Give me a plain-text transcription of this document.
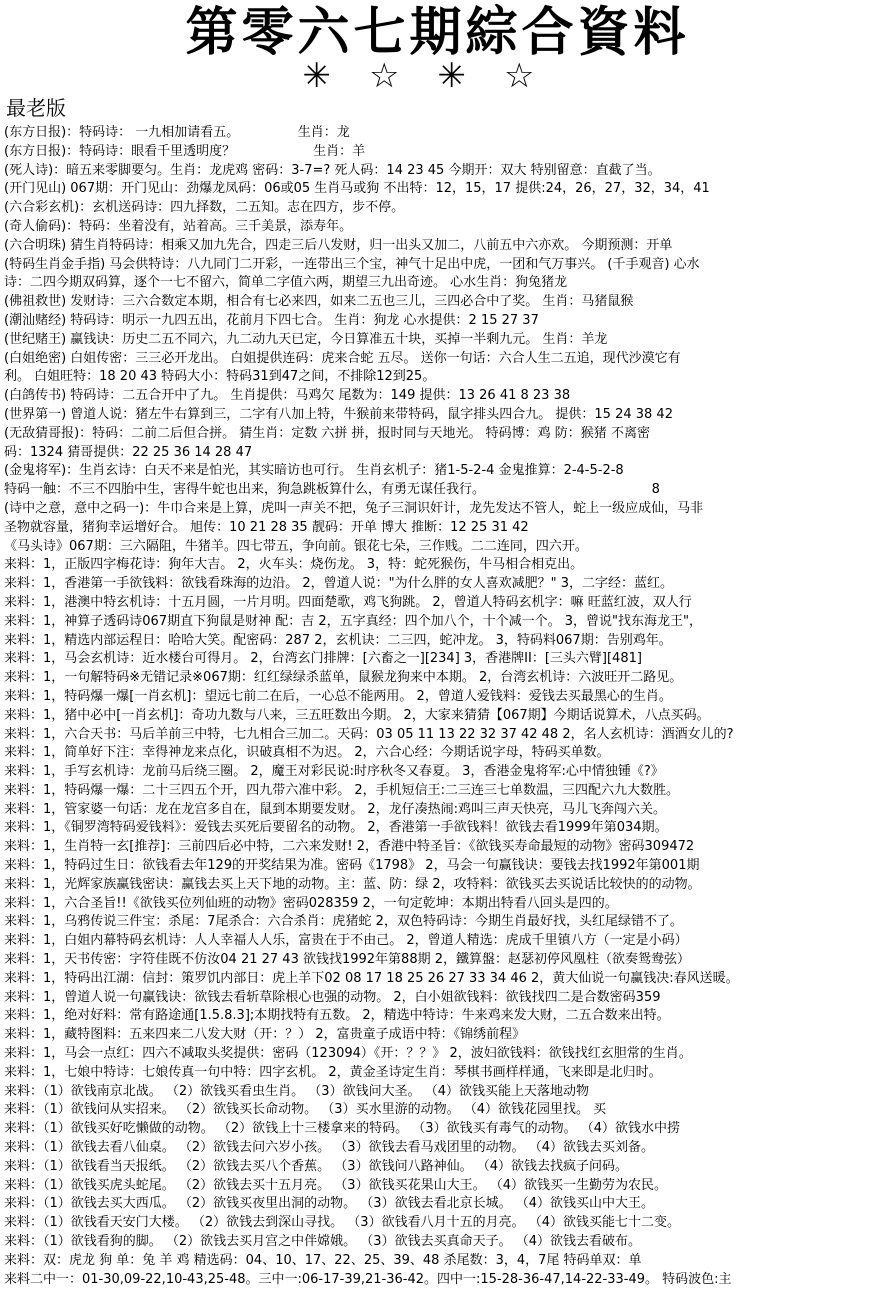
第零六七期綜合資料
✳☆✳☆
最老版
(东方日报)：特码诗： 一九相加请看五。　　　　　生肖：龙
(东方日报)：特码诗：眼看千里透明度？　　　　　　生肖：羊
(死人诗)：暗五来零脚要匀。生肖：龙虎鸡 密码：3-7=? 死人码：14 23 45 今期开：双大 特别留意：直截了当。
(开门见山) 067期：开门见山：劲爆龙凤码：06或05 生肖马或狗 不出特：12，15，17 提供:24，26，27，32，34，41
(六合彩玄机)：玄机送码诗：四九择数，二五知。志在四方，步不停。
(奇人偷码)：特码：坐着没有，站着高。三千美景，添寿年。
(六合明珠) 猜生肖特码诗：相乘又加九先合，四走三后八发财，归一出头又加二，八前五中六亦欢。 今期预测：开单
(特码生肖金手指) 马会供特诗：八九同门二开彩，一连带出三个宝，神气十足出中虎，一团和气万事兴。 (千手观音) 心水
诗：二四今期双码算，逐个一七不留六，简单二字值六两，期望三九出奇迹。 心水生肖：狗兔猪龙
(佛祖救世) 发财诗：三六合数定本期，相合有七必来四，如来二五也三儿，三四必合中了奖。 生肖：马猪鼠猴
(潮汕赌经) 特码诗：明示一九四五出，花前月下四七合。 生肖：狗龙 心水提供：2 15 27 37
(世纪赌王) 赢钱诀：历史二五不同六，九二动九天已定，今日算准五十块，买掉一半剩九元。 生肖：羊龙
(白姐绝密) 白姐传密：三三必开龙出。 白姐提供连码：虎来合蛇 五尽。 送你一句话：六合人生二五追，现代沙漠它有
利。 白姐旺特：18 20 43 特码大小：特码31到47之间，不排除12到25。
(白鸽传书) 特码诗：二五合开中了九。 生肖提供：马鸡欠 尾数为：149 提供：13 26 41 8 23 38
(世界第一) 曾道人说：猪左牛右算到三，二字有八加上特，牛猴前来带特码，鼠字排头四合九。 提供：15 24 38 42
(无敌猜哥报)：特码：二前二后但合拼。 猜生肖：定数 六拼 拼，报时同与天地光。 特码博：鸡 防：猴猪 不离密
码：1324 猜哥提供：22 25 36 14 28 47
(金鬼将军)：生肖玄诗：白天不来是怕光，其实暗访也可行。 生肖玄机子：猪1-5-2-4 金鬼推算：2-4-5-2-8
特码一触：不三不四胎中生，害得牛蛇也出来，狗急跳板算什么，有勇无谋任我行。　　　　　　　　　　　　　 8
(诗中之意，意中之码一)：牛巾合来是上算，虎叫一声关不把，兔子三洞识奸计，龙先发达不管人，蛇上一级应成仙，马非
圣物就容量，猪狗幸运增好合。 旭传：10 21 28 35 靓码：开单 博大 推断：12 25 31 42
《马头诗》067期：三六隔阻，牛猪羊。四七带五，争向前。银花七朵，三作贱。二二连同，四六开。
来料：1，正版四字梅花诗：狗年大吉。 2，火车头：烧伤龙。 3，特：蛇死猴伤，牛马相合相克出。
来料：1，香港第一手欲钱料：欲钱看珠海的边沿。 2，曾道人说："为什么胖的女人喜欢减肥？" 3，二字经：蓝红。
来料：1，港澳中特玄机诗：十五月圆，一片月明。四面楚歌，鸡飞狗跳。 2，曾道人特码玄机字：嘛 旺蓝红波，双人行
来料：1，神算子透码诗067期直下狗鼠是财神 配：吉 2，五字真经：四个加八个，十个减一个。 3，曾说"找东海龙王"，
来料：1，精选内部运程日：哈哈大笑。配密码：287 2，玄机诀：二三四，蛇冲龙。 3，特码料067期：告别鸡年。
来料：1，马会玄机诗：近水楼台可得月。 2，台湾玄门排牌：[六畜之一][234] 3，香港牌II：[三头六臂][481]
来料：1，一句解特码※无错记录※067期：红红绿绿杀蓝单，鼠猴龙狗来中本期。 2，台湾玄机诗：六波旺开二路见。
来料：1，特码爆一爆[一肖玄机]：望远七前二在后，一心总不能两用。 2，曾道人爱钱料：爱钱去买最黑心的生肖。
来料：1，猪中必中[一肖玄机]：奇功九数与八来，三五旺数出今期。 2，大家来猜猜【067期】今期话说算术，八点买码。
来料：1，六合天书：马后羊前三中特，七九相合三加二。天码：03 05 11 13 22 32 37 42 48 2，名人玄机诗：酒酒女儿的?
来料：1，简单好下注：幸得神龙来点化，识破真相不为迟。 2，六合心经：今期话说字母，特码买单数。
来料：1，手写玄机诗：龙前马后绕三圈。 2，魔王对彩民说:时序秋冬又春夏。 3，香港金鬼将军:心中情独锺《?》
来料：1，特码爆一爆：二十三四五个开，四九带六准中彩。 2，手机短信王:二三连三七单数温，三四配六九大数胜。
来料：1，管家婆一句话：龙在龙宫多自在，鼠到本期要发财。 2，龙仔凑热闹:鸡叫三声天快亮，马儿飞奔闯六关。
来料：1，《铜罗湾特码爱钱料》：爱钱去买死后要留名的动物。 2，香港第一手欲钱料！欲钱去看1999年第034期。
来料：1，生肖特一玄[推荐]：三前四后必中特，二六来发财! 2，香港中特圣旨：《欲钱买寿命最短的动物》密码309472
来料：1，特码过生日：欲钱看去年129的开奖结果为准。密码《1798》 2，马会一句赢钱诀：要钱去找1992年第001期
来料：1，光辉家族赢钱密诀：赢钱去买上天下地的动物。主：蓝、防：绿 2，攻特料：欲钱买去买说话比较快的的动物。
来料：1，六合圣旨!!《欲钱买位列仙班的动物》密码028359 2，一句定乾坤：本期出特看八回头是四的。
来料：1，乌鸦传说三件宝：杀尾：7尾杀合：六合杀肖：虎猪蛇 2，双色特码诗：今期生肖最好找，头红尾绿错不了。
来料：1，白姐内幕特码玄机诗：人人幸福人人乐，富贵在于不由己。 2，曾道人精选：虎成千里镇八方（一定是小码）
来料：1，天书传密：字符佳既不仿汝04 21 27 43 欲钱找1992年第88期 2，鐵算盤：赵瑟初停风凰柱（欲奏鸳鸯弦）
来料：1，特码出江湖：信封：策罗饥内部日：虎上羊下02 08 17 18 25 26 27 33 34 46 2，黄大仙说一句赢钱决:春风送暖。
来料：1，曾道人说一句赢钱诀：欲钱去看斩草除根心也强的动物。 2，白小姐欲钱料：欲钱找四二是合数密码359
来料：1，绝对好料：常有路途通[1.5.8.3];本期找特有五数。 2，精选中特诗：牛来鸡来发大财，二五合数来出特。
来料：1，藏特图料：五来四来二八发大财（开：？） 2，富贵童子成语中特：《锦绣前程》
来料：1，马会一点红：四六不减取头奖提供：密码（123094）《开：？？》 2，波妇欲钱料：欲钱找红玄胆常的生肖。
来料：1，七娘中特诗：七娘传真一句中特：四字玄机。 2，黄金圣诗定生肖：琴棋书画样样通，飞来即是北归时。
来料：（1）欲钱南京北战。 （2）欲钱买看虫生肖。 （3）欲钱问大圣。 （4）欲钱买能上天落地动物
来料：（1）欲钱问从实招来。 （2）欲钱买长命动物。 （3）买水里游的动物。 （4）欲钱花园里找。 买
来料：（1）欲钱买好吃懒做的动物。 （2）欲钱上十三楼拿来的特码。 （3）欲钱买有毒气的动物。 （4）欲钱水中捞
来料：（1）欲钱去看八仙桌。 （2）欲钱去问六岁小孩。 （3）欲钱去看马戏团里的动物。 （4）欲钱去买刘备。
来料：（1）欲钱看当天报纸。 （2）欲钱去买八个香蕉。 （3）欲钱问八路神仙。 （4）欲钱去找疯子问码。
来料：（1）欲钱买虎头蛇尾。 （2）欲钱去买十五月亮。 （3）欲钱买花果山大王。 （4）欲钱买一生勤劳为农民。
来料：（1）欲钱去买大西瓜。 （2）欲钱买夜里出洞的动物。 （3）欲钱去看北京长城。 （4）欲钱买山中大王。
来料：（1）欲钱看天安门大楼。 （2）欲钱去到深山寻找。 （3）欲钱看八月十五的月亮。 （4）欲钱买能七十二变。
来料：（1）欲钱看狗的脚。 （2）欲钱去买月宫之中伴嫦娥。 （3）欲钱去买真命天子。 （4）欲钱去看破布。
来料：双：虎龙 狗 单：兔 羊 鸡 精选码：04、10、17、22、25、39、48 杀尾数：3，4，7尾 特码单双：单
来料二中一：01-30,09-22,10-43,25-48。三中一:06-17-39,21-36-42。四中一:15-28-36-47,14-22-33-49。 特码波色:主
